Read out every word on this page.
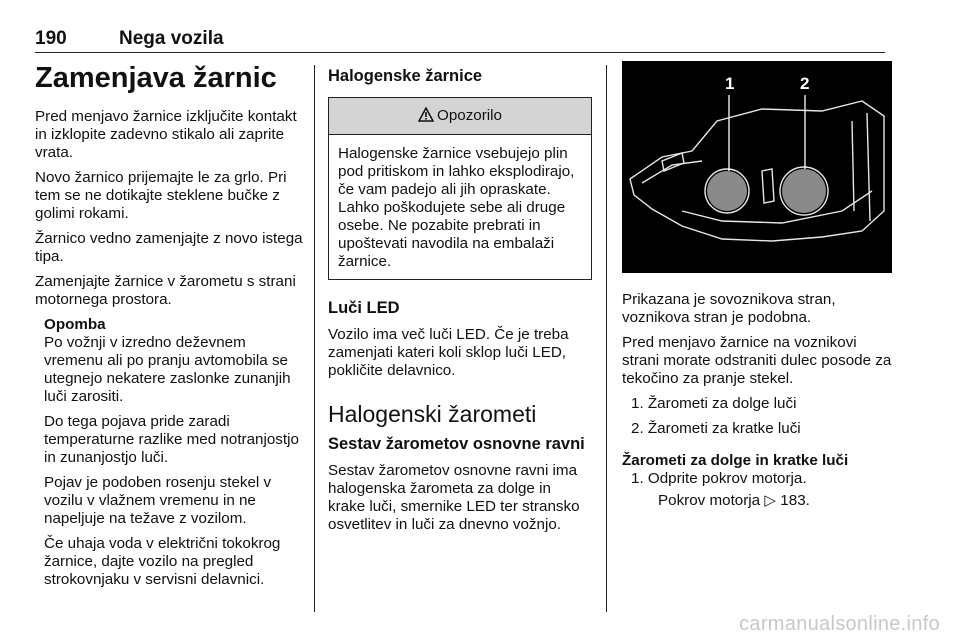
190	Nega vozila
Zamenjava žarnic

Pred menjavo žarnice izključite kontakt in izklopite zadevno stikalo ali zaprite vrata.

Novo žarnico prijemajte le za grlo. Pri tem se ne dotikajte steklene bučke z golimi rokami.

Žarnico vedno zamenjajte z novo istega tipa.

Zamenjajte žarnice v žarometu s strani motornega prostora.

Opomba

Po vožnji v izredno deževnem vremenu ali po pranju avtomobila se utegnejo nekatere zaslonke zunanjih luči zarositi.

Do tega pojava pride zaradi temperaturne razlike med notranjostjo in zunanjostjo luči.

Pojav je podoben rosenju stekel v vozilu v vlažnem vremenu in ne napeljuje na težave z vozilom.

Če uhaja voda v električni tokokrog žarnice, dajte vozilo na pregled strokovnjaku v servisni delavnici.

Halogenske žarnice
Opozorilo
Halogenske žarnice vsebujejo plin pod pritiskom in lahko eksplodirajo, če vam padejo ali jih opraskate. Lahko poškodujete sebe ali druge osebe. Ne pozabite prebrati in upoštevati navodila na embalaži žarnice.
Luči LED

Vozilo ima več luči LED. Če je treba zamenjati kateri koli sklop luči LED, pokličite delavnico.

Halogenski žarometi
Sestav žarometov osnovne ravni

Sestav žarometov osnovne ravni ima halogenska žarometa za dolge in krake luči, smernike LED ter stransko osvetlitev in luči za dnevno vožnjo.

1	2

Prikazana je sovoznikova stran, voznikova stran je podobna.

Pred menjavo žarnice na voznikovi strani morate odstraniti dulec posode za tekočino za pranje stekel.

1. Žarometi za dolge luči
2. Žarometi za kratke luči
Žarometi za dolge in kratke luči
1. Odprite pokrov motorja.
Pokrov motorja ▷ 183.
carmanualsonline.info
